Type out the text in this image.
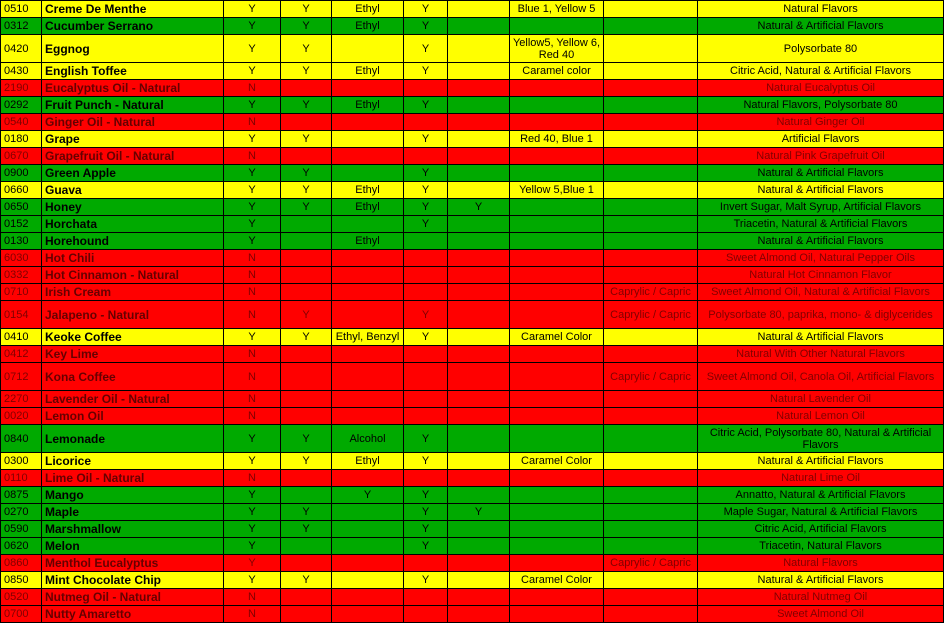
0510	Creme De Menthe	Y	Y	Ethyl	Y		Blue 1, Yellow 5		Natural Flavors
0312	Cucumber Serrano	Y	Y	Ethyl	Y				Natural & Artificial Flavors
0420	Eggnog	Y	Y		Y		Yellow5, Yellow 6, Red 40		Polysorbate 80
0430	English Toffee	Y	Y	Ethyl	Y		Caramel color		Citric Acid, Natural & Artificial Flavors
2190	Eucalyptus Oil - Natural	N							Natural Eucalyptus Oil
0292	Fruit Punch - Natural	Y	Y	Ethyl	Y				Natural Flavors, Polysorbate 80
0540	Ginger Oil - Natural	N							Natural Ginger Oil
0180	Grape	Y	Y		Y		Red 40, Blue 1		Artificial Flavors
0670	Grapefruit Oil - Natural	N							Natural Pink Grapefruit Oil
0900	Green Apple	Y	Y		Y				Natural & Artificial Flavors
0660	Guava	Y	Y	Ethyl	Y		Yellow 5,Blue 1		Natural & Artificial Flavors
0650	Honey	Y	Y	Ethyl	Y	Y			Invert Sugar, Malt Syrup, Artificial Flavors
0152	Horchata	Y			Y				Triacetin, Natural & Artificial Flavors
0130	Horehound	Y		Ethyl					Natural & Artificial Flavors
6030	Hot Chili	N							Sweet Almond Oil, Natural Pepper Oils
0332	Hot Cinnamon - Natural	N							Natural Hot Cinnamon Flavor
0710	Irish Cream	N						Caprylic / Capric	Sweet Almond Oil, Natural & Artificial Flavors
0154	Jalapeno - Natural	N	Y		Y			Caprylic / Capric	Polysorbate 80, paprika, mono- & diglycerides
0410	Keoke Coffee	Y	Y	Ethyl, Benzyl	Y		Caramel Color		Natural & Artificial Flavors
0412	Key Lime	N							Natural With Other Natural Flavors
0712	Kona Coffee	N						Caprylic / Capric	Sweet Almond Oil, Canola Oil, Artificial Flavors
2270	Lavender Oil - Natural	N							Natural Lavender Oil
0020	Lemon Oil	N							Natural Lemon Oil
0840	Lemonade	Y	Y	Alcohol	Y				Citric Acid, Polysorbate 80, Natural & Artificial Flavors
0300	Licorice	Y	Y	Ethyl	Y		Caramel Color		Natural & Artificial Flavors
0110	Lime Oil - Natural	N							Natural Lime Oil
0875	Mango	Y		Y	Y				Annatto, Natural & Artificial Flavors
0270	Maple	Y	Y		Y	Y			Maple Sugar, Natural & Artificial Flavors
0590	Marshmallow	Y	Y		Y				Citric Acid, Artificial Flavors
0620	Melon	Y			Y				Triacetin, Natural Flavors
0860	Menthol Eucalyptus	Y						Caprylic / Capric	Natural Flavors
0850	Mint Chocolate Chip	Y	Y		Y		Caramel Color		Natural & Artificial Flavors
0520	Nutmeg Oil - Natural	N							Natural Nutmeg Oil
0700	Nutty Amaretto	N							Sweet Almond Oil
